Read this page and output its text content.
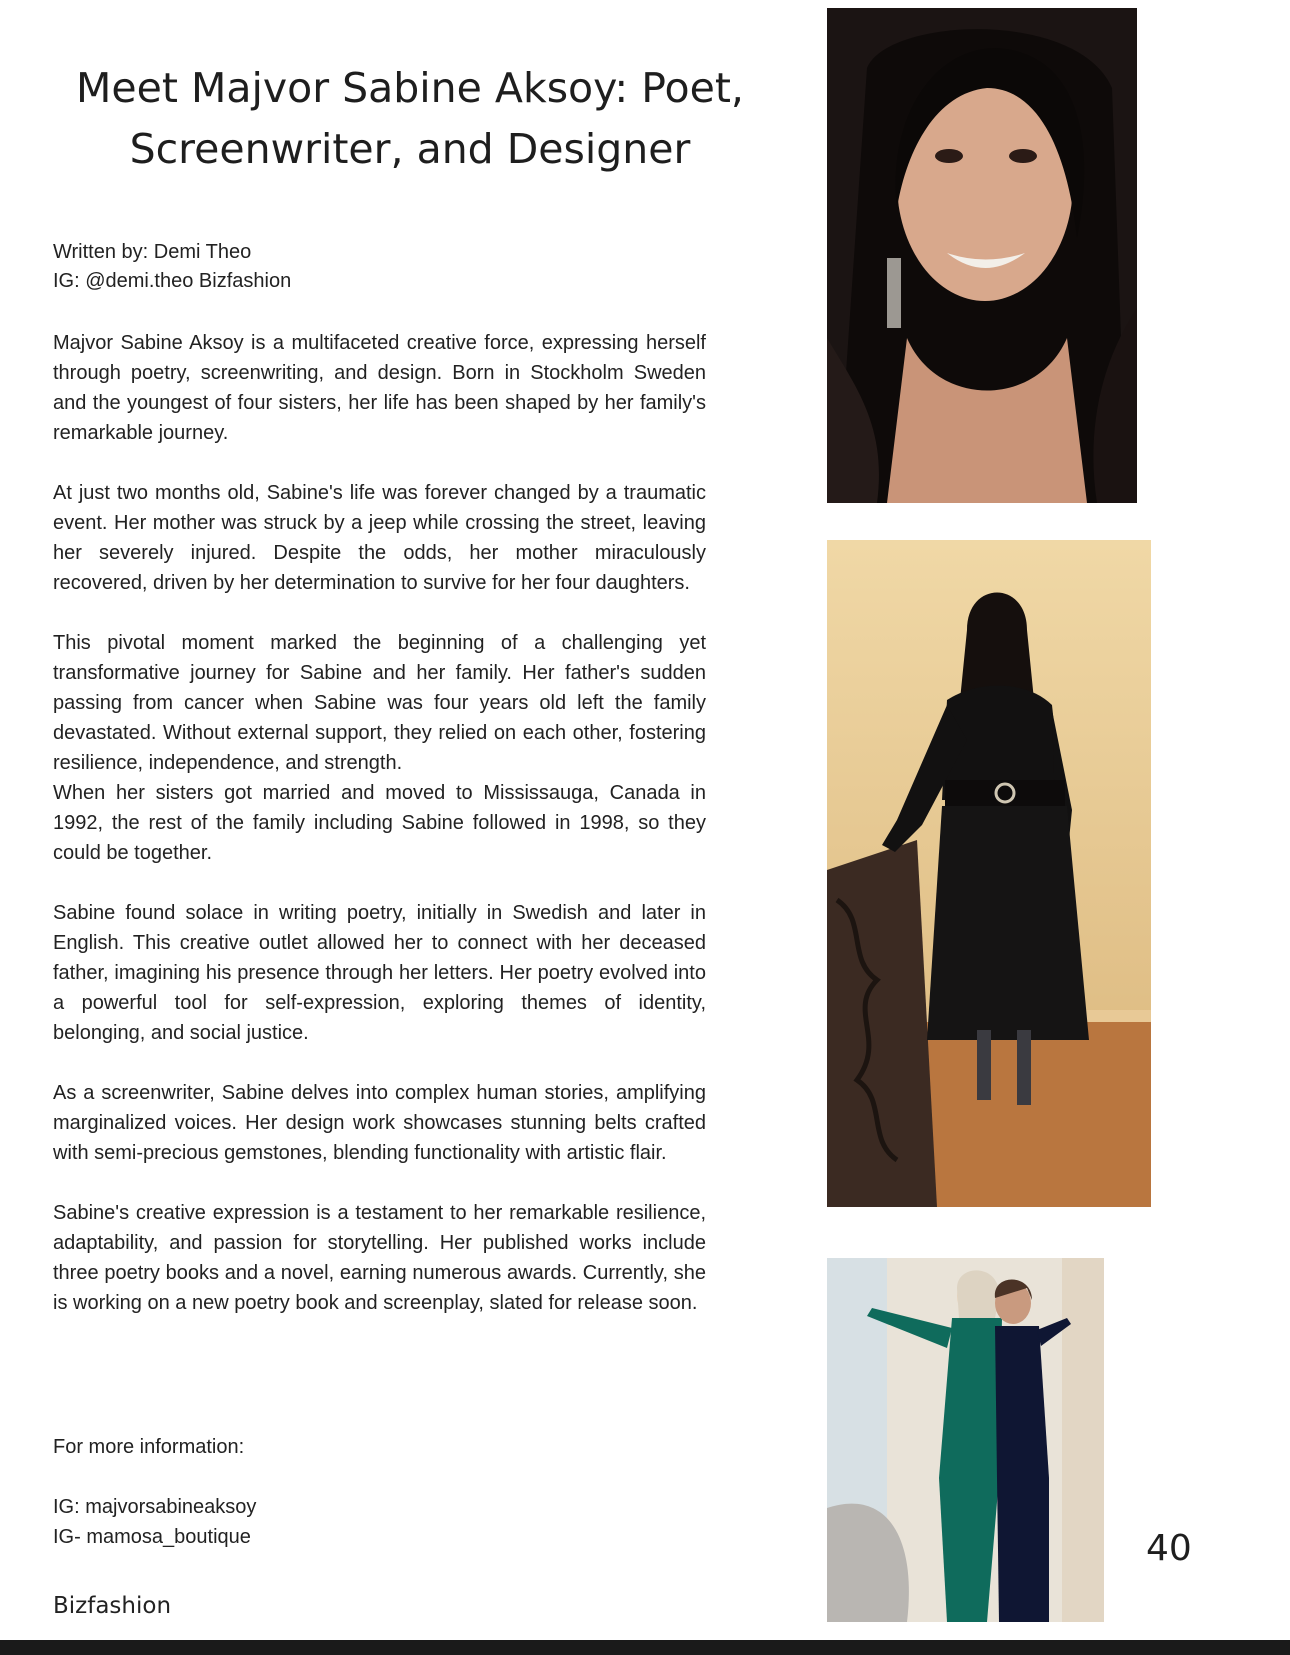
Meet Majvor Sabine Aksoy: Poet,
Screenwriter, and Designer
Written by: Demi Theo
IG: @demi.theo Bizfashion

Majvor Sabine Aksoy is a multifaceted creative force, expressing herself through poetry, screenwriting, and design. Born in Stockholm Sweden and the youngest of four sisters, her life has been shaped by her family's remarkable journey.

At just two months old, Sabine's life was forever changed by a traumatic event. Her mother was struck by a jeep while crossing the street, leaving her severely injured. Despite the odds, her mother miraculously recovered, driven by her determination to survive for her four daughters.

This pivotal moment marked the beginning of a challenging yet transformative journey for Sabine and her family. Her father's sudden passing from cancer when Sabine was four years old left the family devastated. Without external support, they relied on each other, fostering resilience, independence, and strength.

When her sisters got married and moved to Mississauga, Canada in 1992, the rest of the family including Sabine followed in 1998, so they could be together.

Sabine found solace in writing poetry, initially in Swedish and later in English. This creative outlet allowed her to connect with her deceased father, imagining his presence through her letters. Her poetry evolved into a powerful tool for self-expression, exploring themes of identity, belonging, and social justice.

As a screenwriter, Sabine delves into complex human stories, amplifying marginalized voices. Her design work showcases stunning belts crafted with semi-precious gemstones, blending functionality with artistic flair.

Sabine's creative expression is a testament to her remarkable resilience, adaptability, and passion for storytelling. Her published works include three poetry books and a novel, earning numerous awards. Currently, she is working on a new poetry book and screenplay, slated for release soon.

For more information:
IG: majvorsabineaksoy
IG- mamosa_boutique
Bizfashion
40
